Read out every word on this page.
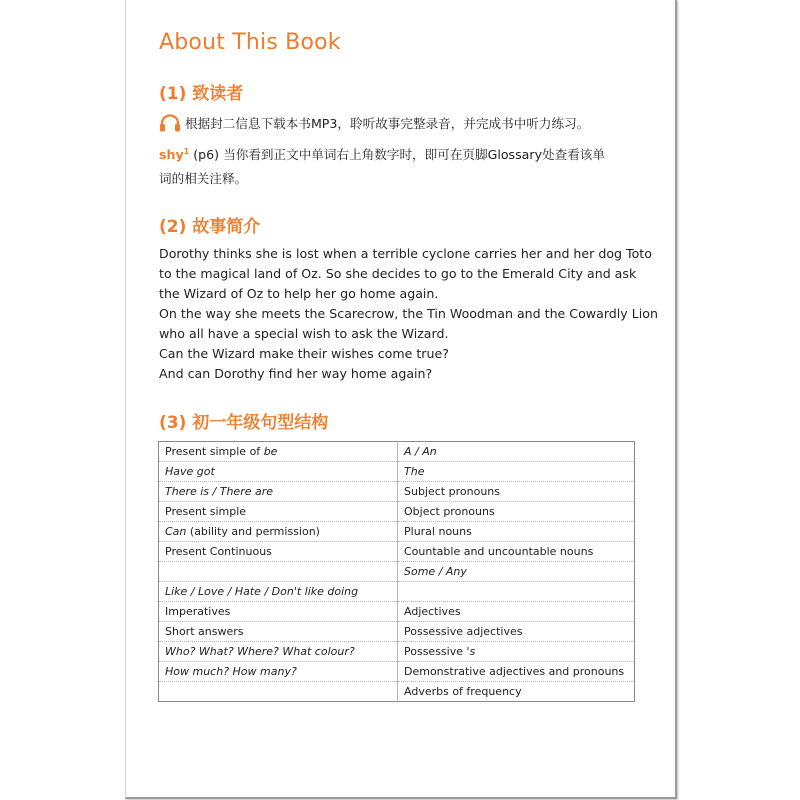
About This Book
(1) 致读者
根据封二信息下载本书MP3，聆听故事完整录音，并完成书中听力练习。
shy$^1$ (p6) 当你看到正文中单词右上角数字时，即可在页脚Glossary处查看该单
词的相关注释。
(2) 故事简介
Dorothy thinks she is lost when a terrible cyclone carries her and her dog Toto
to the magical land of Oz. So she decides to go to the Emerald City and ask
the Wizard of Oz to help her go home again.
On the way she meets the Scarecrow, the Tin Woodman and the Cowardly Lion
who all have a special wish to ask the Wizard.
Can the Wizard make their wishes come true?
And can Dorothy find her way home again?
(3) 初一年级句型结构
Present simple of be	A / An
Have got	The
There is / There are	Subject pronouns
Present simple	Object pronouns
Can (ability and permission)	Plural nouns
Present Continuous	Countable and uncountable nouns
	Some / Any
Like / Love / Hate / Don't like doing	
Imperatives	Adjectives
Short answers	Possessive adjectives
Who? What? Where? What colour?	Possessive 's
How much? How many?	Demonstrative adjectives and pronouns
	Adverbs of frequency
